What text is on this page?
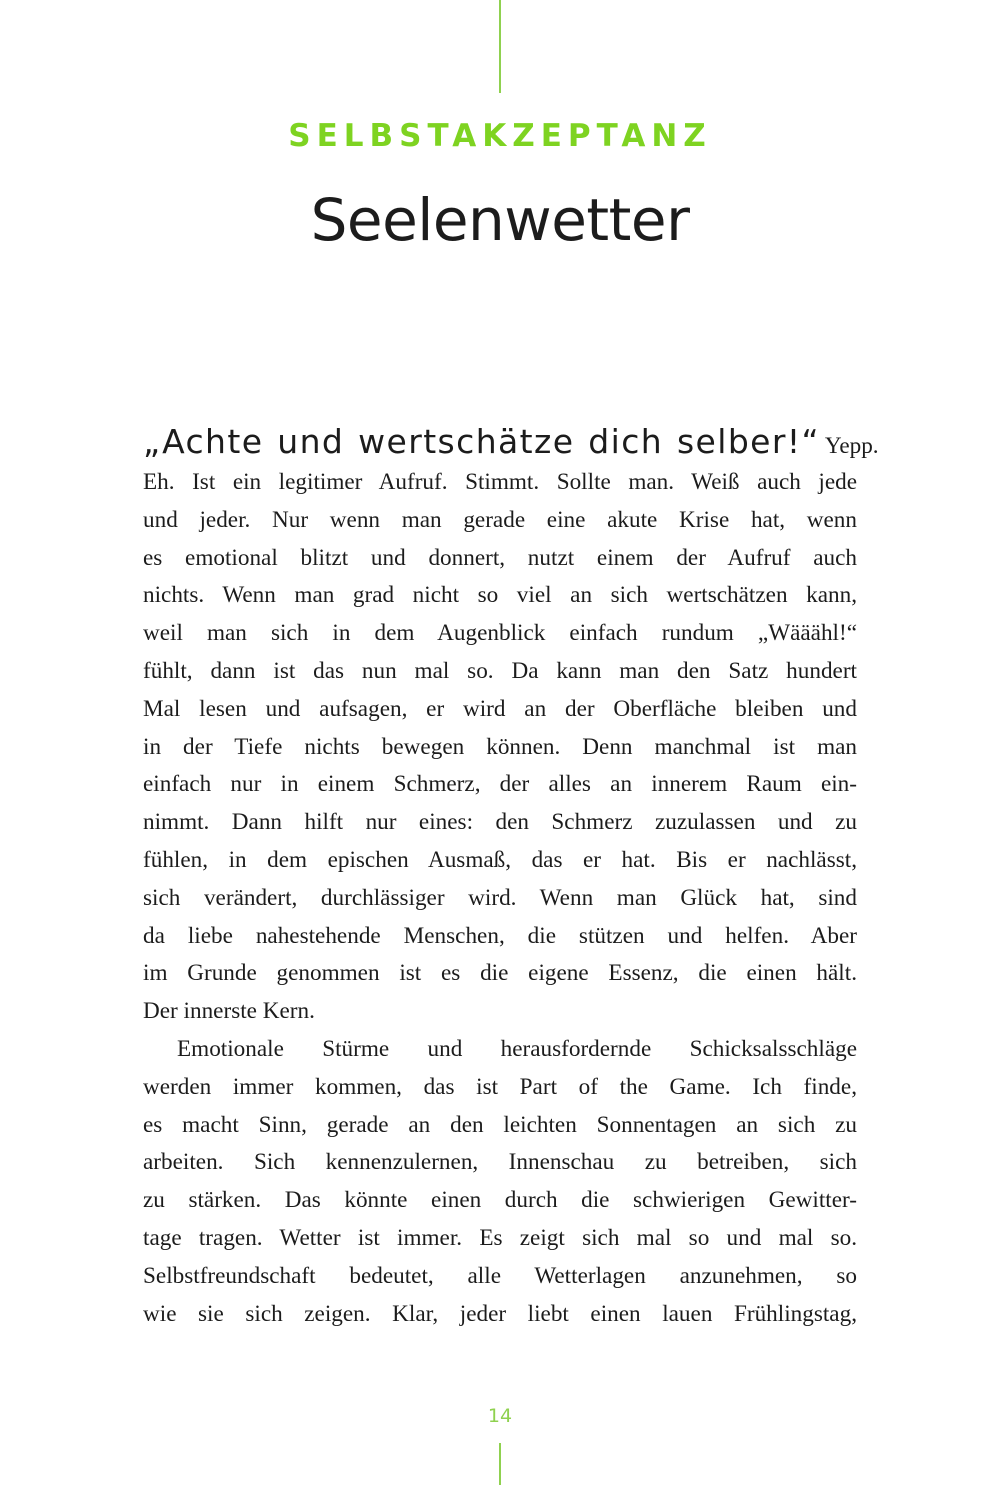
SELBSTAKZEPTANZ
Seelenwetter
„Achte und wertschätze dich selber!“ Yepp.
Eh. Ist ein legitimer Aufruf. Stimmt. Sollte man. Weiß auch jede
und jeder. Nur wenn man gerade eine akute Krise hat, wenn
es emotional blitzt und donnert, nutzt einem der Aufruf auch
nichts. Wenn man grad nicht so viel an sich wertschätzen kann,
weil man sich in dem Augenblick einfach rundum „Wääähl!“
fühlt, dann ist das nun mal so. Da kann man den Satz hundert
Mal lesen und aufsagen, er wird an der Oberfläche bleiben und
in der Tiefe nichts bewegen können. Denn manchmal ist man
einfach nur in einem Schmerz, der alles an innerem Raum ein-
nimmt. Dann hilft nur eines: den Schmerz zuzulassen und zu
fühlen, in dem epischen Ausmaß, das er hat. Bis er nachlässt,
sich verändert, durchlässiger wird. Wenn man Glück hat, sind
da liebe nahestehende Menschen, die stützen und helfen. Aber
im Grunde genommen ist es die eigene Essenz, die einen hält.
Der innerste Kern.
Emotionale Stürme und herausfordernde Schicksalsschläge
werden immer kommen, das ist Part of the Game. Ich finde,
es macht Sinn, gerade an den leichten Sonnentagen an sich zu
arbeiten. Sich kennenzulernen, Innenschau zu betreiben, sich
zu stärken. Das könnte einen durch die schwierigen Gewitter-
tage tragen. Wetter ist immer. Es zeigt sich mal so und mal so.
Selbstfreundschaft bedeutet, alle Wetterlagen anzunehmen, so
wie sie sich zeigen. Klar, jeder liebt einen lauen Frühlingstag,
14
